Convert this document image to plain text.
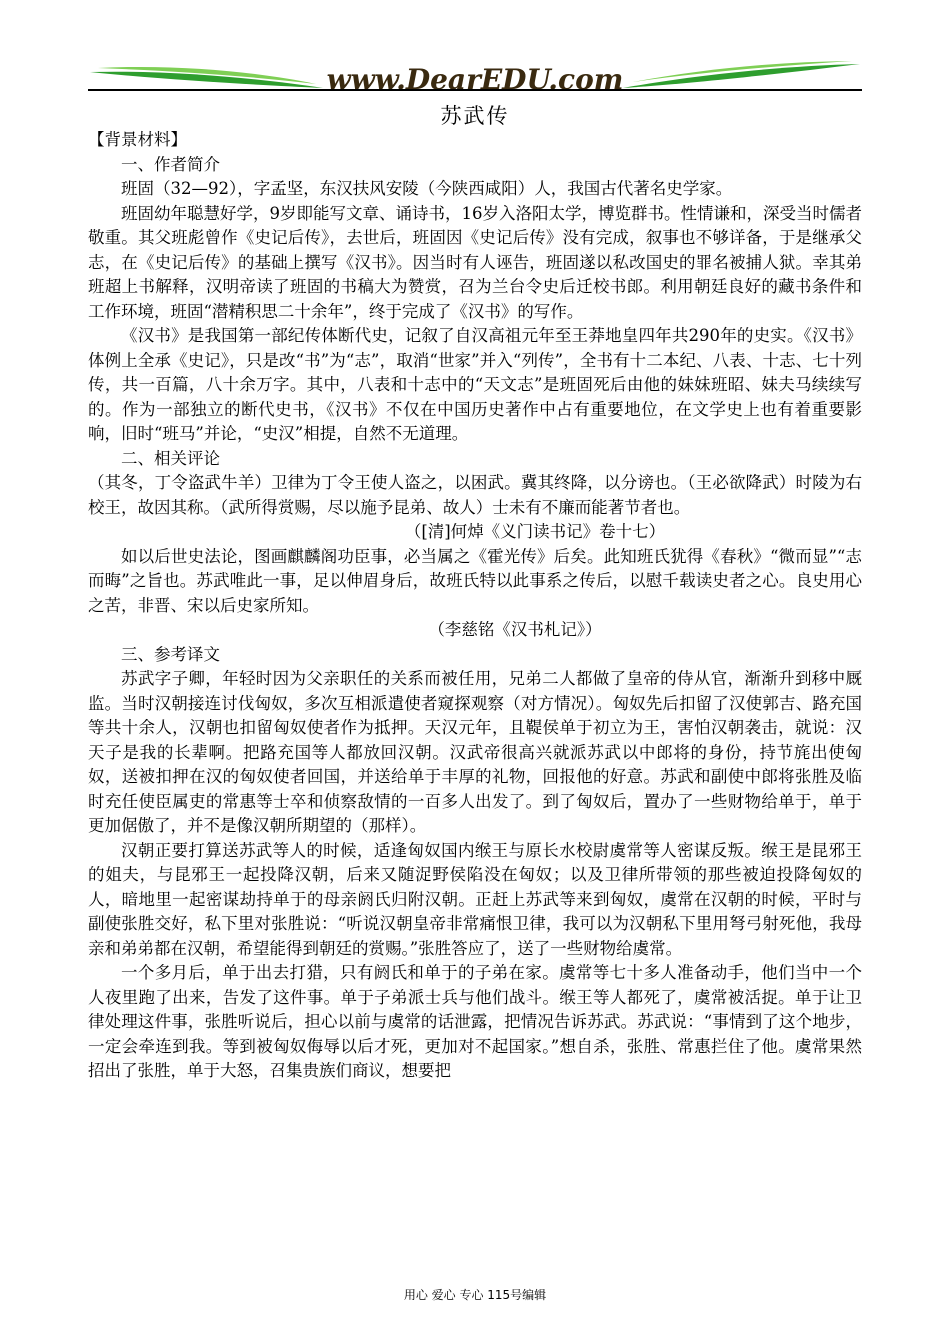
www.DearEDU.com
苏武传

【背景材料】

一、作者简介

班固（32—92），字孟坚，东汉扶风安陵（今陕西咸阳）人，我国古代著名史学家。

班固幼年聪慧好学，9岁即能写文章、诵诗书，16岁入洛阳太学，博览群书。性情谦和，深受当时儒者敬重。其父班彪曾作《史记后传》，去世后，班固因《史记后传》没有完成，叙事也不够详备，于是继承父志，在《史记后传》的基础上撰写《汉书》。因当时有人诬告，班固遂以私改国史的罪名被捕人狱。幸其弟班超上书解释，汉明帝读了班固的书稿大为赞赏，召为兰台令史后迁校书郎。利用朝廷良好的藏书条件和工作环境，班固“潜精积思二十余年”，终于完成了《汉书》的写作。

《汉书》是我国第一部纪传体断代史，记叙了自汉高祖元年至王莽地皇四年共290年的史实。《汉书》体例上全承《史记》，只是改“书”为“志”，取消“世家”并入“列传”，全书有十二本纪、八表、十志、七十列传，共一百篇，八十余万字。其中，八表和十志中的“天文志”是班固死后由他的妹妹班昭、妹夫马续续写的。作为一部独立的断代史书，《汉书》不仅在中国历史著作中占有重要地位，在文学史上也有着重要影响，旧时“班马”并论，“史汉”相提，自然不无道理。

二、相关评论

（其冬，丁令盗武牛羊）卫律为丁令王使人盗之，以困武。冀其终降，以分谤也。（王必欲降武）时陵为右校王，故因其称。（武所得赏赐，尽以施予昆弟、故人）士未有不廉而能著节者也。

（[清]何焯《义门读书记》卷十七）

如以后世史法论，图画麒麟阁功臣事，必当属之《霍光传》后矣。此知班氏犹得《春秋》“微而显”“志而晦”之旨也。苏武唯此一事，足以伸眉身后，故班氏特以此事系之传后，以慰千载读史者之心。良史用心之苦，非晋、宋以后史家所知。

（李慈铭《汉书札记》）

三、参考译文

苏武字子卿，年轻时因为父亲职任的关系而被任用，兄弟二人都做了皇帝的侍从官，渐渐升到移中厩监。当时汉朝接连讨伐匈奴，多次互相派遣使者窥探观察（对方情况）。匈奴先后扣留了汉使郭吉、路充国等共十余人，汉朝也扣留匈奴使者作为抵押。天汉元年，且鞮侯单于初立为王，害怕汉朝袭击，就说：汉天子是我的长辈啊。把路充国等人都放回汉朝。汉武帝很高兴就派苏武以中郎将的身份，持节旄出使匈奴，送被扣押在汉的匈奴使者回国，并送给单于丰厚的礼物，回报他的好意。苏武和副使中郎将张胜及临时充任使臣属吏的常惠等士卒和侦察敌情的一百多人出发了。到了匈奴后，置办了一些财物给单于，单于更加倨傲了，并不是像汉朝所期望的（那样）。

汉朝正要打算送苏武等人的时候，适逢匈奴国内缑王与原长水校尉虞常等人密谋反叛。缑王是昆邪王的姐夫，与昆邪王一起投降汉朝，后来又随浞野侯陷没在匈奴；以及卫律所带领的那些被迫投降匈奴的人，暗地里一起密谋劫持单于的母亲阏氏归附汉朝。正赶上苏武等来到匈奴，虞常在汉朝的时候，平时与副使张胜交好，私下里对张胜说：“听说汉朝皇帝非常痛恨卫律，我可以为汉朝私下里用弩弓射死他，我母亲和弟弟都在汉朝，希望能得到朝廷的赏赐。”张胜答应了，送了一些财物给虞常。

一个多月后，单于出去打猎，只有阏氏和单于的子弟在家。虞常等七十多人准备动手，他们当中一个人夜里跑了出来，告发了这件事。单于子弟派士兵与他们战斗。缑王等人都死了，虞常被活捉。单于让卫律处理这件事，张胜听说后，担心以前与虞常的话泄露，把情况告诉苏武。苏武说：“事情到了这个地步，一定会牵连到我。等到被匈奴侮辱以后才死，更加对不起国家。”想自杀，张胜、常惠拦住了他。虞常果然招出了张胜，单于大怒，召集贵族们商议，想要把

用心 爱心 专心 115号编辑
